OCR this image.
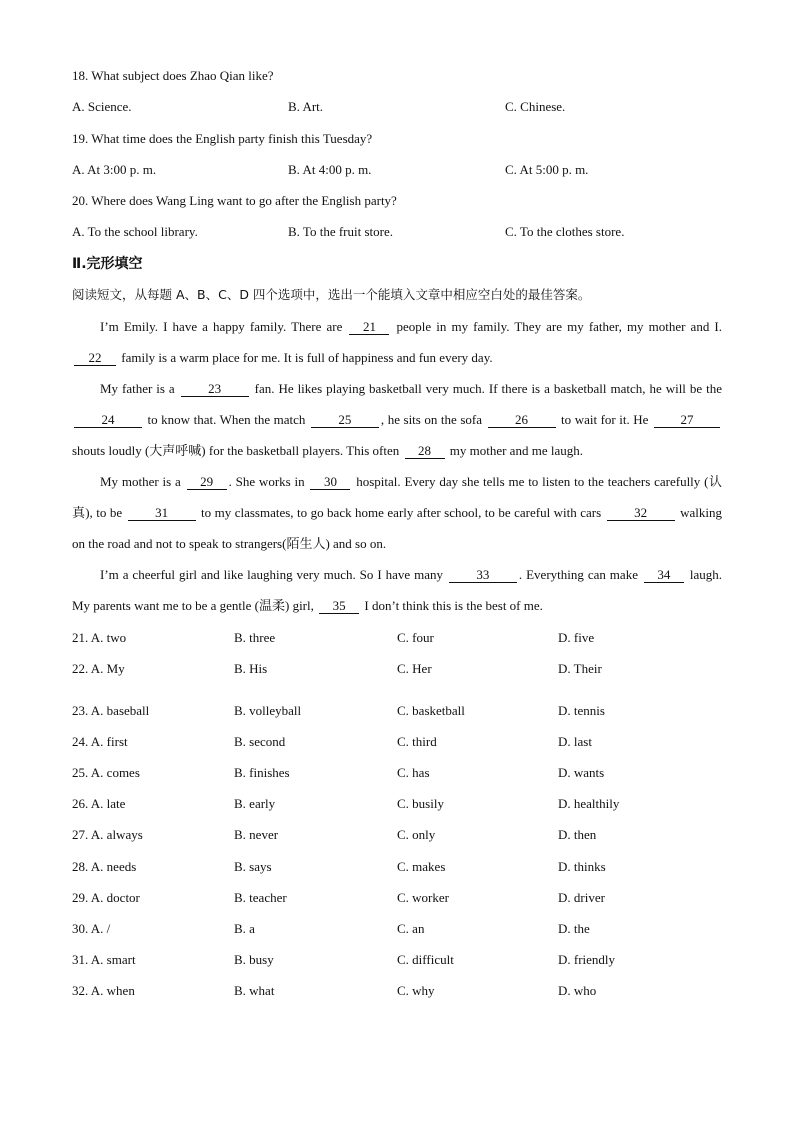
18. What subject does Zhao Qian like?
A. Science.	B. Art.	C. Chinese.
19. What time does the English party finish this Tuesday?
A. At 3:00 p. m.	B. At 4:00 p. m.	C. At 5:00 p. m.
20. Where does Wang Ling want to go after the English party?
A. To the school library.	B. To the fruit store.	C. To the clothes store.
Ⅱ.完形填空
阅读短文，从每题 A、B、C、D 四个选项中，选出一个能填入文章中相应空白处的最佳答案。
I’m Emily. I have a happy family. There are 21 people in my family. They are my father, my mother and I. 22 family is a warm place for me. It is full of happiness and fun every day.
My father is a 23 fan. He likes playing basketball very much. If there is a basketball match, he will be the 24 to know that. When the match 25 , he sits on the sofa 26 to wait for it. He 27 shouts loudly (大声呼喊) for the basketball players. This often 28 my mother and me laugh.
My mother is a 29 . She works in 30 hospital. Every day she tells me to listen to the teachers carefully (认真), to be 31 to my classmates, to go back home early after school, to be careful with cars 32 walking on the road and not to speak to strangers(陌生人) and so on.
I’m a cheerful girl and like laughing very much. So I have many 33 . Everything can make 34 laugh. My parents want me to be a gentle (温柔) girl, 35 I don’t think this is the best of me.
21. A. two	B. three	C. four	D. five
22. A. My	B. His	C. Her	D. Their
23. A. baseball	B. volleyball	C. basketball	D. tennis
24. A. first	B. second	C. third	D. last
25. A. comes	B. finishes	C. has	D. wants
26. A. late	B. early	C. busily	D. healthily
27. A. always	B. never	C. only	D. then
28. A. needs	B. says	C. makes	D. thinks
29. A. doctor	B. teacher	C. worker	D. driver
30. A. /	B. a	C. an	D. the
31. A. smart	B. busy	C. difficult	D. friendly
32. A. when	B. what	C. why	D. who
